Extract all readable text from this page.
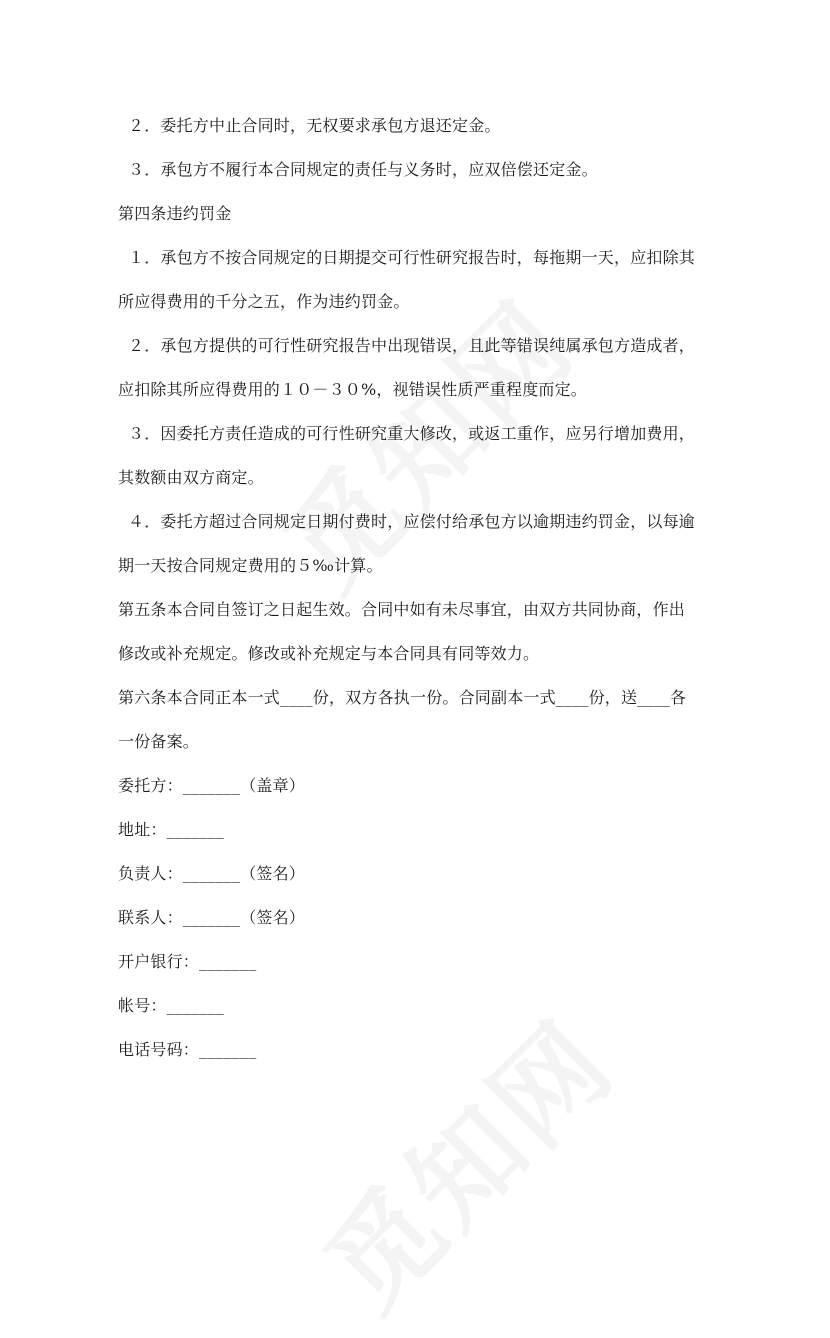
２．委托方中止合同时，无权要求承包方退还定金。
３．承包方不履行本合同规定的责任与义务时，应双倍偿还定金。
第四条违约罚金
１．承包方不按合同规定的日期提交可行性研究报告时，每拖期一天，应扣除其
所应得费用的千分之五，作为违约罚金。
２．承包方提供的可行性研究报告中出现错误，且此等错误纯属承包方造成者，
应扣除其所应得费用的１０－３０%，视错误性质严重程度而定。
３．因委托方责任造成的可行性研究重大修改，或返工重作，应另行增加费用，
其数额由双方商定。
４．委托方超过合同规定日期付费时，应偿付给承包方以逾期违约罚金，以每逾
期一天按合同规定费用的５‰计算。
第五条本合同自签订之日起生效。合同中如有未尽事宜，由双方共同协商，作出
修改或补充规定。修改或补充规定与本合同具有同等效力。
第六条本合同正本一式____份，双方各执一份。合同副本一式____份，送____各
一份备案。
委托方：_______（盖章）
地址：_______
负责人：_______（签名）
联系人：_______（签名）
开户银行：_______
帐号：_______
电话号码：_______
